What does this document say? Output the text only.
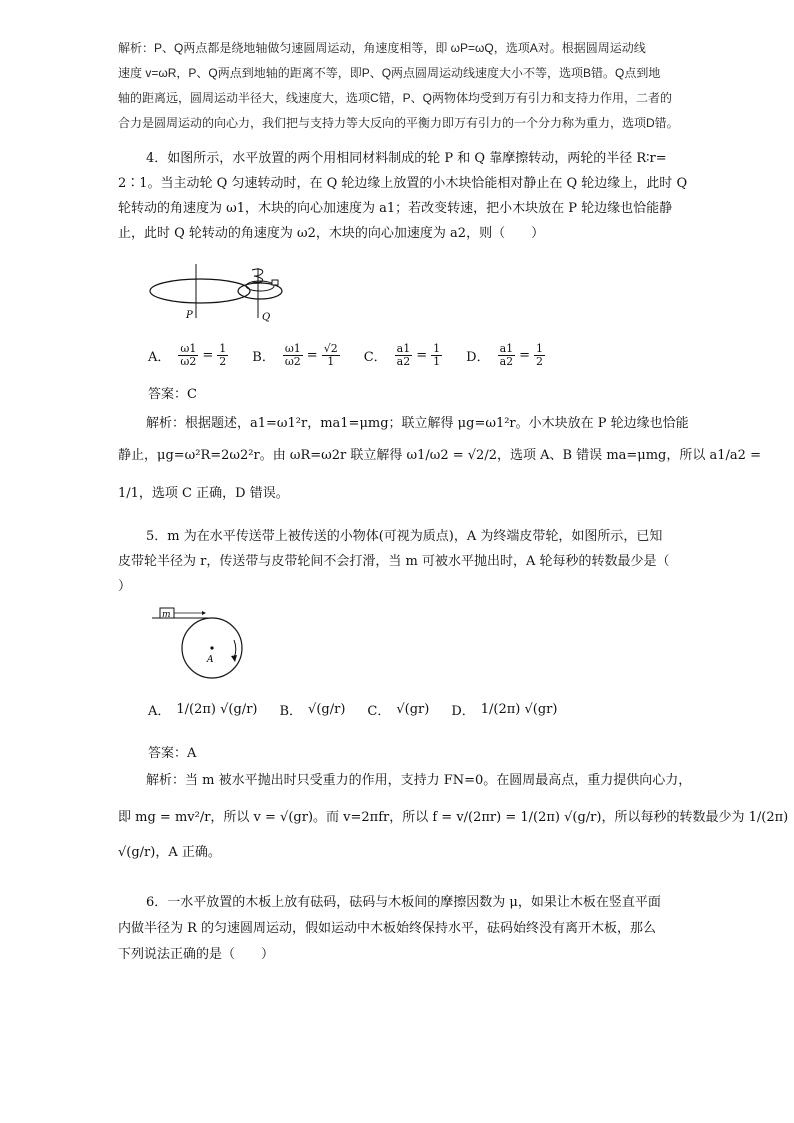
解析：P、Q两点都是绕地轴做匀速圆周运动，角速度相等，即 ωP=ωQ，选项A对。根据圆周运动线
速度 v=ωR，P、Q两点到地轴的距离不等，即P、Q两点圆周运动线速度大小不等，选项B错。Q点到地
轴的距离远，圆周运动半径大，线速度大，选项C错，P、Q两物体均受到万有引力和支持力作用，二者的
合力是圆周运动的向心力，我们把与支持力等大反向的平衡力即万有引力的一个分力称为重力，选项D错。
4．如图所示，水平放置的两个用相同材料制成的轮 P 和 Q 靠摩擦转动，两轮的半径 R∶r=
2∶1。当主动轮 Q 匀速转动时，在 Q 轮边缘上放置的小木块恰能相对静止在 Q 轮边缘上，此时 Q
轮转动的角速度为 ω1，木块的向心加速度为 a1；若改变转速，把小木块放在 P 轮边缘也恰能静
止，此时 Q 轮转动的角速度为 ω2，木块的向心加速度为 a2，则（　　）
P	Q
A． $\frac{\omega 1}{\omega 2} = \frac{1}{2}$ B． $\frac{\omega 1}{\omega 2} = \frac{√2}{1}$ C． $\frac{a1}{a2} = \frac{1}{1}$ D． $\frac{a1}{a2} = \frac{1}{2}$
答案：C
解析：根据题述，a1=ω1²r，ma1=μmg；联立解得 μg=ω1²r。小木块放在 P 轮边缘也恰能
静止，μg=ω²R=2ω2²r。由 ωR=ω2r 联立解得 ω1/ω2 = √2/2，选项 A、B 错误 ma=μmg，所以 a1/a2 =
1/1，选项 C 正确，D 错误。
5．m 为在水平传送带上被传送的小物体(可视为质点)，A 为终端皮带轮，如图所示，已知
皮带轮半径为 r，传送带与皮带轮间不会打滑，当 m 可被水平抛出时，A 轮每秒的转数最少是（
）
m
A
A． 1/(2π) √(g/r) B． √(g/r) C． √(gr) D． 1/(2π) √(gr)
答案：A
解析：当 m 被水平抛出时只受重力的作用，支持力 FN=0。在圆周最高点，重力提供向心力，
即 mg = mv²/r，所以 v = √(gr)。而 v=2πfr，所以 f = v/(2πr) = 1/(2π) √(g/r)，所以每秒的转数最少为 1/(2π)
√(g/r)，A 正确。
6．一水平放置的木板上放有砝码，砝码与木板间的摩擦因数为 μ，如果让木板在竖直平面
内做半径为 R 的匀速圆周运动，假如运动中木板始终保持水平，砝码始终没有离开木板，那么
下列说法正确的是（　　）
